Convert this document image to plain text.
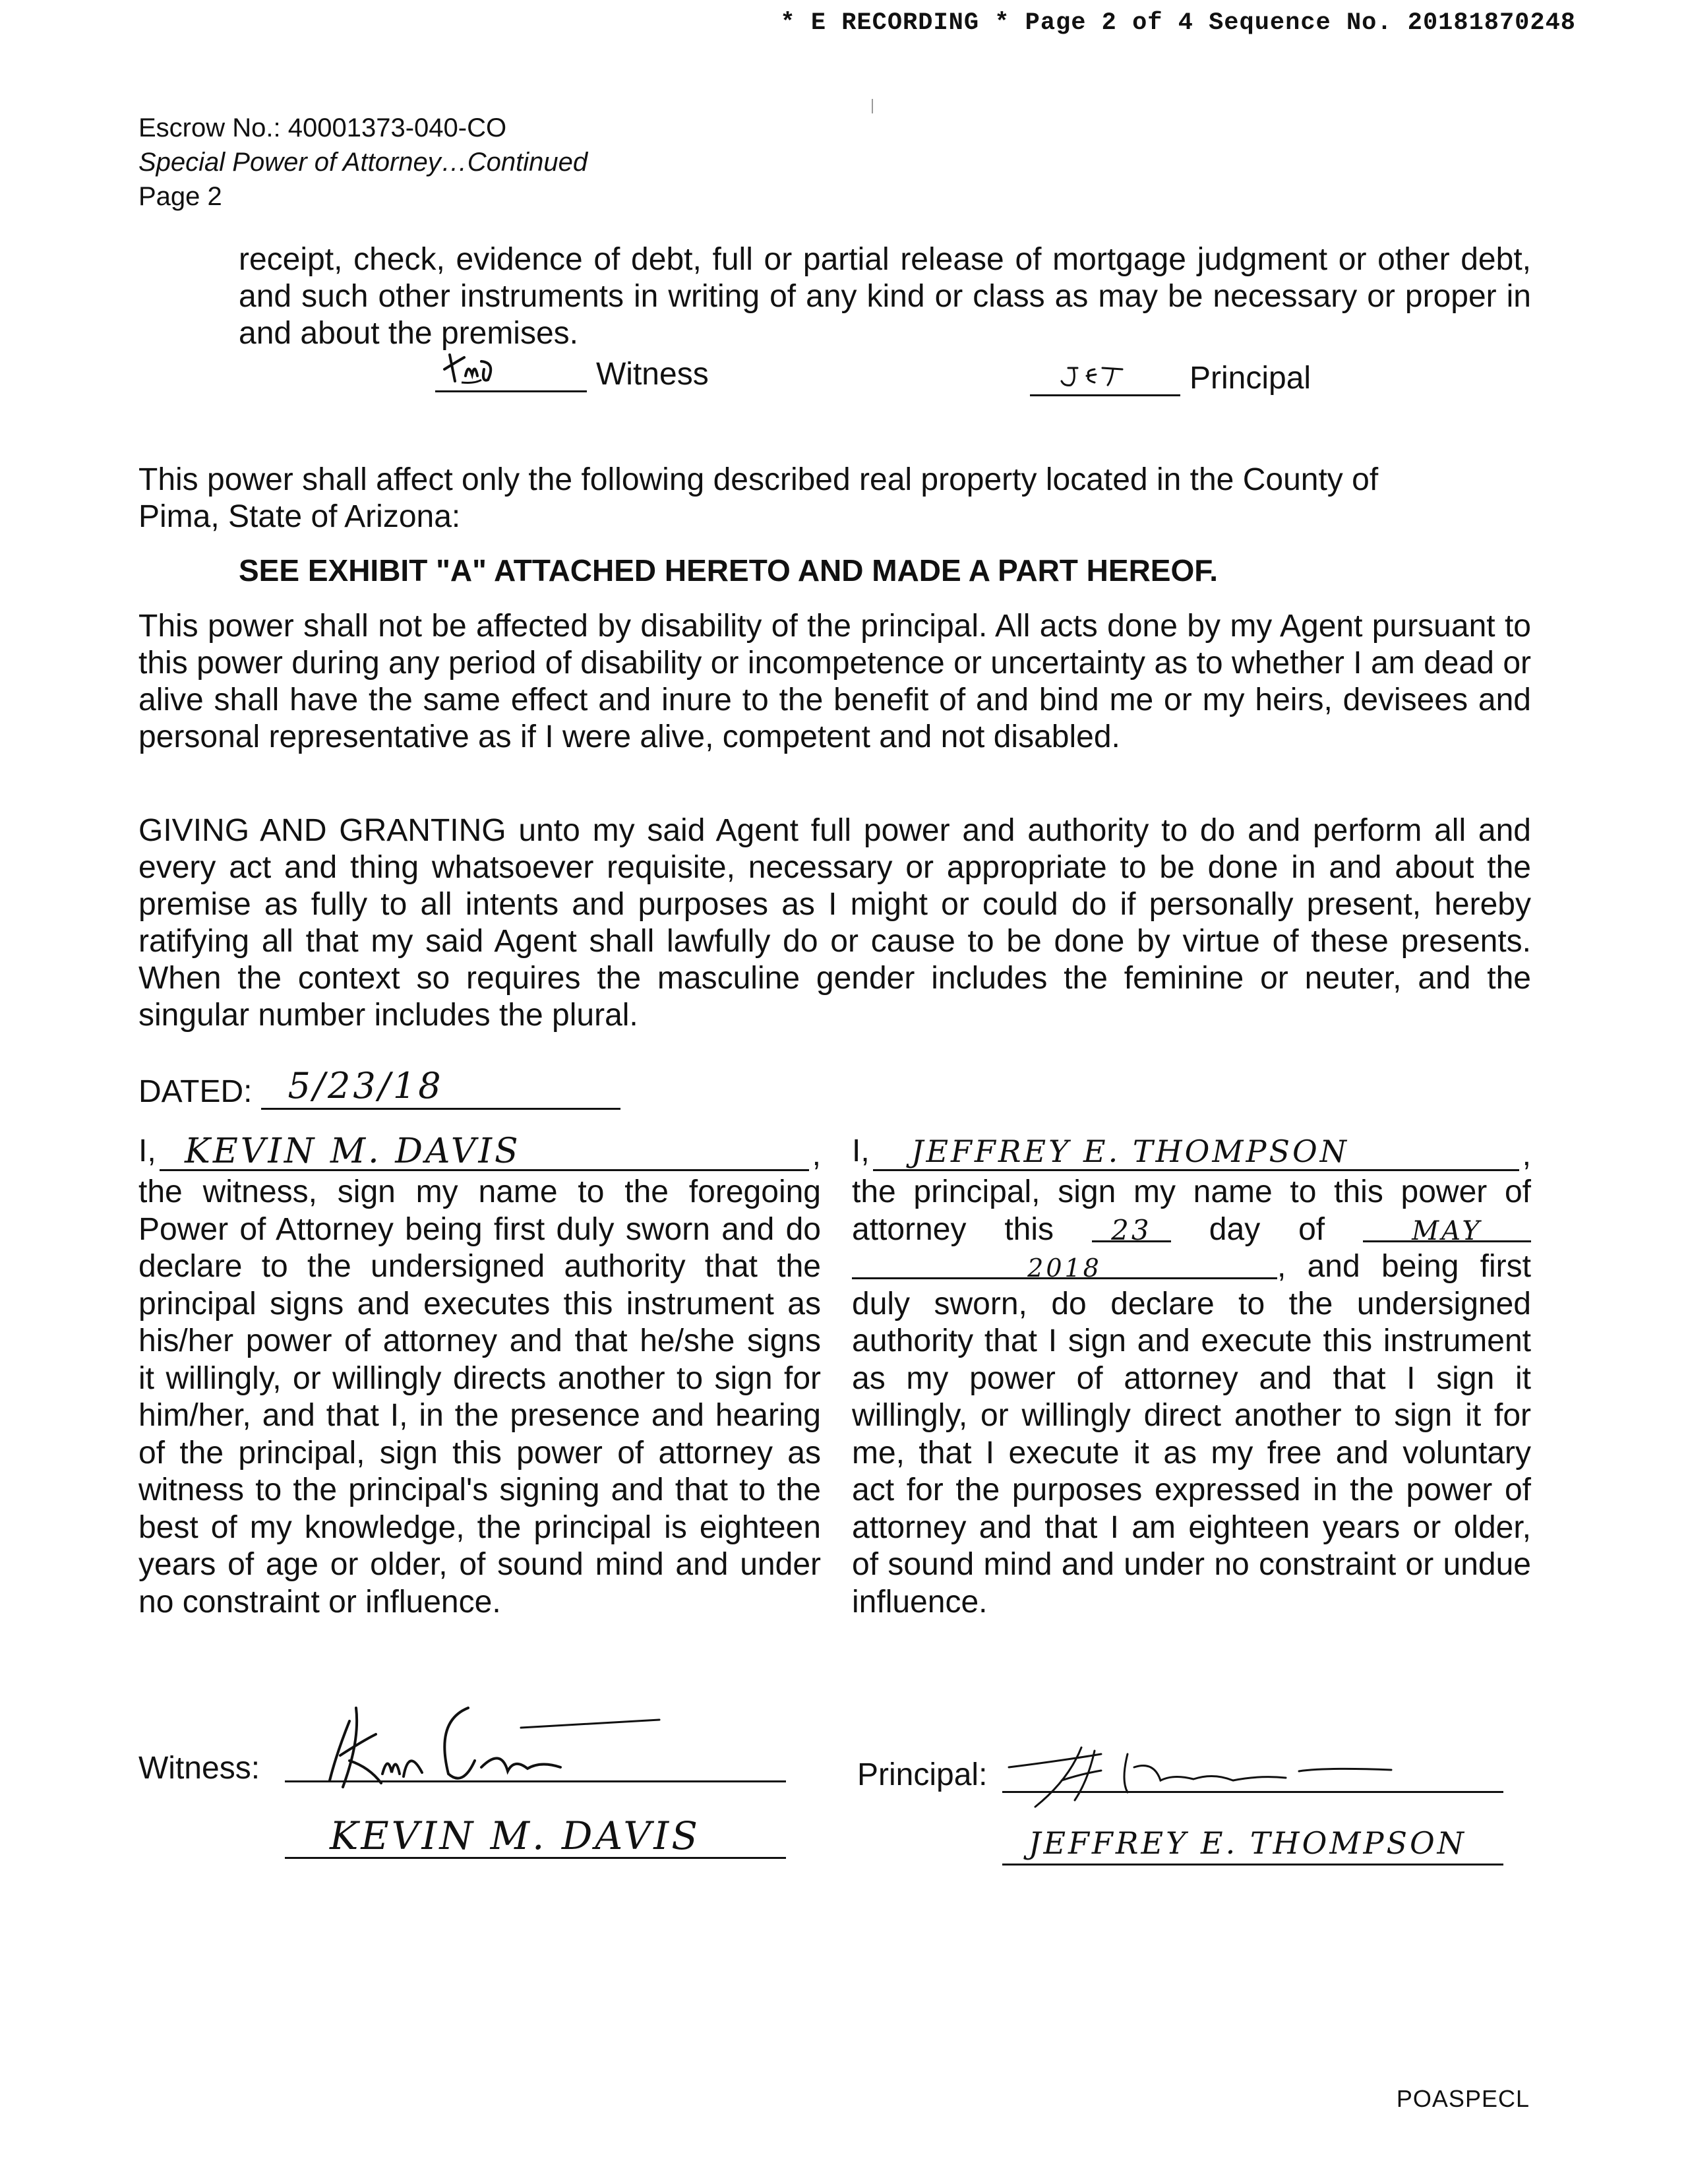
* E RECORDING * Page 2 of 4 Sequence No. 20181870248
Escrow No.: 40001373-040-CO
Special Power of Attorney…Continued
Page 2
receipt, check, evidence of debt, full or partial release of mortgage judgment or other debt, and such other instruments in writing of any kind or class as may be necessary or proper in and about the premises.
Witness	Principal
This power shall affect only the following described real property located in the County of Pima, State of Arizona:
SEE EXHIBIT "A" ATTACHED HERETO AND MADE A PART HEREOF.
This power shall not be affected by disability of the principal. All acts done by my Agent pursuant to this power during any period of disability or incompetence or uncertainty as to whether I am dead or alive shall have the same effect and inure to the benefit of and bind me or my heirs, devisees and personal representative as if I were alive, competent and not disabled.
GIVING AND GRANTING unto my said Agent full power and authority to do and perform all and every act and thing whatsoever requisite, necessary or appropriate to be done in and about the premise as fully to all intents and purposes as I might or could do if personally present, hereby ratifying all that my said Agent shall lawfully do or cause to be done by virtue of these presents. When the context so requires the masculine gender includes the feminine or neuter, and the singular number includes the plural.
DATED: 5/23/18
I, KEVIN M. DAVIS	,
the witness, sign my name to the foregoing Power of Attorney being first duly sworn and do declare to the undersigned authority that the principal signs and executes this instrument as his/her power of attorney and that he/she signs it willingly, or willingly directs another to sign for him/her, and that I, in the presence and hearing of the principal, sign this power of attorney as witness to the principal's signing and that to the best of my knowledge, the principal is eighteen years of age or older, of sound mind and under no constraint or influence.
I, JEFFREY E. THOMPSON	,
the principal, sign my name to this power of attorney this 23 day of	MAY 2018	, and being first duly sworn, do declare to the undersigned authority that I sign and execute this instrument as my power of attorney and that I sign it willingly, or willingly direct another to sign it for me, that I execute it as my free and voluntary act for the purposes expressed in the power of attorney and that I am eighteen years or older, of sound mind and under no constraint or undue influence.
Witness:
KEVIN M. DAVIS
Principal:
JEFFREY E. THOMPSON
POASPECL
